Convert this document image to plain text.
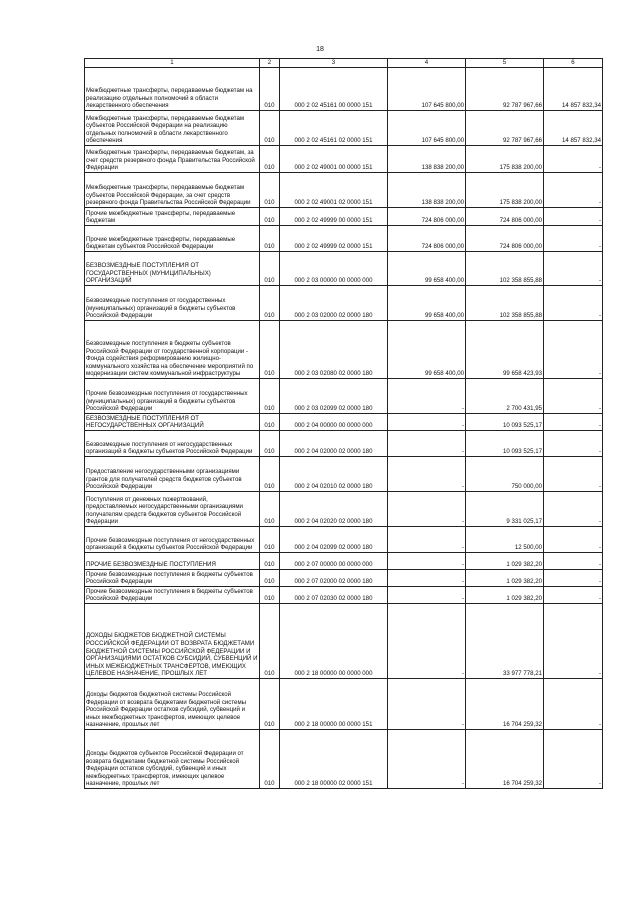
18
1	2	3	4	5	6
Межбюджетные трансферты, передаваемые бюджетам на реализацию отдельных полномочий в области лекарственного обеспечения	010	000 2 02 45161 00 0000 151	107 645 800,00	92 787 967,66	14 857 832,34
Межбюджетные трансферты, передаваемые бюджетам субъектов Российской Федерации на реализацию отдельных полномочий в области лекарственного обеспечения	010	000 2 02 45161 02 0000 151	107 645 800,00	92 787 967,66	14 857 832,34
Межбюджетные трансферты, передаваемые бюджетам, за счет средств резервного фонда Правительства Российской Федерации	010	000 2 02 49001 00 0000 151	138 838 200,00	175 838 200,00	-
Межбюджетные трансферты, передаваемые бюджетам субъектов Российской Федерации, за счет средств резервного фонда Правительства Российской Федерации	010	000 2 02 49001 02 0000 151	138 838 200,00	175 838 200,00	-
Прочие межбюджетные трансферты, передаваемые бюджетам	010	000 2 02 49999 00 0000 151	724 806 000,00	724 806 000,00	-
Прочие межбюджетные трансферты, передаваемые бюджетам субъектов Российской Федерации	010	000 2 02 49999 02 0000 151	724 806 000,00	724 806 000,00	-
БЕЗВОЗМЕЗДНЫЕ ПОСТУПЛЕНИЯ ОТ ГОСУДАРСТВЕННЫХ (МУНИЦИПАЛЬНЫХ) ОРГАНИЗАЦИЙ	010	000 2 03 00000 00 0000 000	99 658 400,00	102 358 855,88	-
Безвозмездные поступления от государственных (муниципальных) организаций в бюджеты субъектов Российской Федерации	010	000 2 03 02000 02 0000 180	99 658 400,00	102 358 855,88	-
Безвозмездные поступления в бюджеты субъектов Российской Федерации от государственной корпорации - Фонда содействия реформированию жилищно-коммунального хозяйства на обеспечение мероприятий по модернизации систем коммунальной инфраструктуры	010	000 2 03 02080 02 0000 180	99 658 400,00	99 658 423,93	-
Прочие безвозмездные поступления от государственных (муниципальных) организаций в бюджеты субъектов Российской Федерации	010	000 2 03 02099 02 0000 180	-	2 700 431,95	-
БЕЗВОЗМЕЗДНЫЕ ПОСТУПЛЕНИЯ ОТ НЕГОСУДАРСТВЕННЫХ ОРГАНИЗАЦИЙ	010	000 2 04 00000 00 0000 000	-	10 093 525,17	-
Безвозмездные поступления от негосударственных организаций в бюджеты субъектов Российской Федерации	010	000 2 04 02000 02 0000 180	-	10 093 525,17	-
Предоставление негосударственными организациями грантов для получателей средств бюджетов субъектов Российской Федерации	010	000 2 04 02010 02 0000 180	-	750 000,00	-
Поступления от денежных пожертвований, предоставляемых негосударственными организациями получателям средств бюджетов субъектов Российской Федерации	010	000 2 04 02020 02 0000 180	-	9 331 025,17	-
Прочие безвозмездные поступления от негосударственных организаций в бюджеты субъектов Российской Федерации	010	000 2 04 02099 02 0000 180	-	12 500,00	-
ПРОЧИЕ БЕЗВОЗМЕЗДНЫЕ ПОСТУПЛЕНИЯ	010	000 2 07 00000 00 0000 000	-	1 029 382,20	-
Прочие безвозмездные поступления в бюджеты субъектов Российской Федерации	010	000 2 07 02000 02 0000 180	-	1 029 382,20	-
Прочие безвозмездные поступления в бюджеты субъектов Российской Федерации	010	000 2 07 02030 02 0000 180	-	1 029 382,20	-
ДОХОДЫ БЮДЖЕТОВ БЮДЖЕТНОЙ СИСТЕМЫ РОССИЙСКОЙ ФЕДЕРАЦИИ ОТ ВОЗВРАТА БЮДЖЕТАМИ БЮДЖЕТНОЙ СИСТЕМЫ РОССИЙСКОЙ ФЕДЕРАЦИИ И ОРГАНИЗАЦИЯМИ ОСТАТКОВ СУБСИДИЙ, СУБВЕНЦИЙ И ИНЫХ МЕЖБЮДЖЕТНЫХ ТРАНСФЕРТОВ, ИМЕЮЩИХ ЦЕЛЕВОЕ НАЗНАЧЕНИЕ, ПРОШЛЫХ ЛЕТ	010	000 2 18 00000 00 0000 000	-	33 977 778,21	-
Доходы бюджетов бюджетной системы Российской Федерации от возврата бюджетами бюджетной системы Российской Федерации остатков субсидий, субвенций и иных межбюджетных трансфертов, имеющих целевое назначение, прошлых лет	010	000 2 18 00000 00 0000 151	-	16 704 259,32	-
Доходы бюджетов субъектов Российской Федерации от возврата бюджетами бюджетной системы Российской Федерации остатков субсидий, субвенций и иных межбюджетных трансфертов, имеющих целевое назначение, прошлых лет	010	000 2 18 00000 02 0000 151	-	16 704 259,32	-
